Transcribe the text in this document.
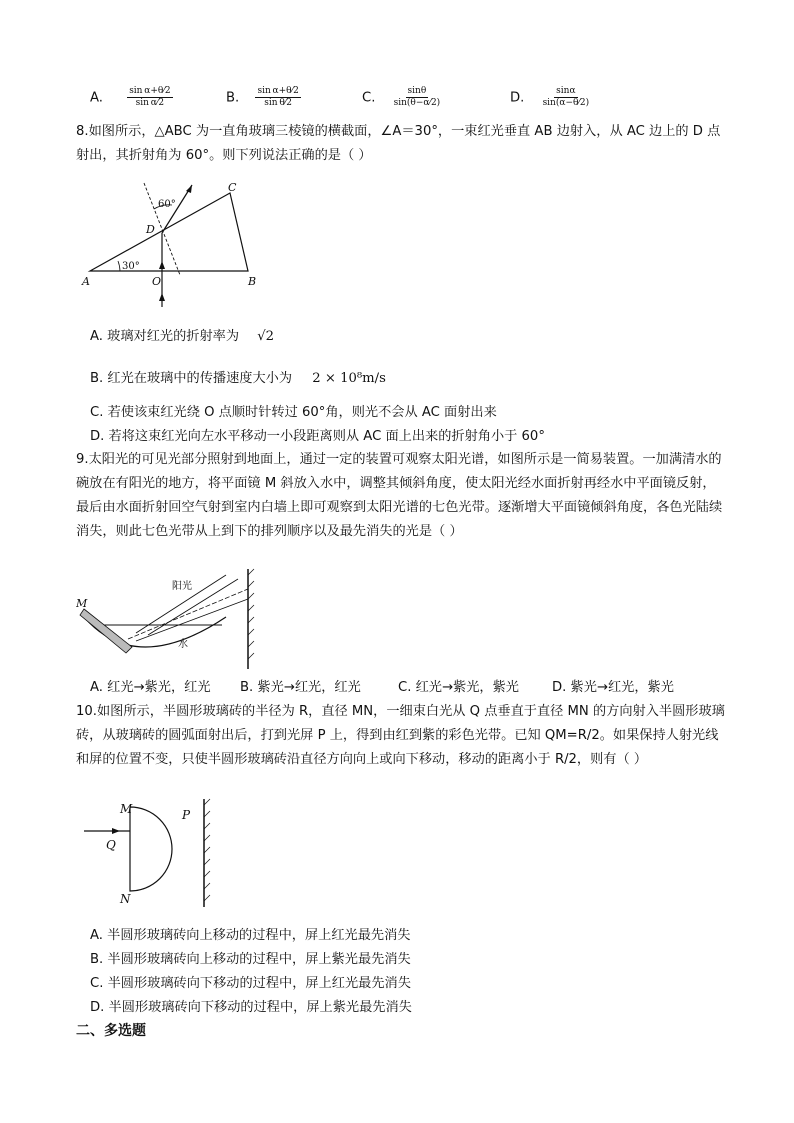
A.	$\frac{\text{sin α+θ⁄2}}{\text{sin α⁄2}}$	B. $\frac{\text{sin α+θ⁄2}}{\text{sin θ⁄2}}$	C. $\frac{\sin\theta}{\sin(\theta-\alpha⁄2)}$	D. $\frac{\sin\alpha}{\sin(\alpha-\theta⁄2)}$
8.如图所示，△ABC 为一直角玻璃三棱镜的横截面，∠A＝30°，一束红光垂直 AB 边射入，从 AC 边上的 D 点射出，其折射角为 60°。则下列说法正确的是（ ）
A	B
C
D
O
30°
60°
A. 玻璃对红光的折射率为 √2
B. 红光在玻璃中的传播速度大小为 2 × 10⁸m/s
C. 若使该束红光绕 O 点顺时针转过 60°角，则光不会从 AC 面射出来
D. 若将这束红光向左水平移动一小段距离则从 AC 面上出来的折射角小于 60°
9.太阳光的可见光部分照射到地面上，通过一定的装置可观察太阳光谱，如图所示是一简易装置。一加满清水的碗放在有阳光的地方，将平面镜 M 斜放入水中，调整其倾斜角度，使太阳光经水面折射再经水中平面镜反射，最后由水面折射回空气射到室内白墙上即可观察到太阳光谱的七色光带。逐渐增大平面镜倾斜角度，各色光陆续消失，则此七色光带从上到下的排列顺序以及最先消失的光是（ ）
M
阳光
水
A. 红光→紫光，红光 B. 紫光→红光，红光	C. 红光→紫光，紫光	D. 紫光→红光，紫光
10.如图所示，半圆形玻璃砖的半径为 R，直径 MN，一细束白光从 Q 点垂直于直径 MN 的方向射入半圆形玻璃砖，从玻璃砖的圆弧面射出后，打到光屏 P 上，得到由红到紫的彩色光带。已知 QM=R/2。如果保持人射光线和屏的位置不变，只使半圆形玻璃砖沿直径方向向上或向下移动，移动的距离小于 R/2，则有（ ）
M
N
Q
P
A. 半圆形玻璃砖向上移动的过程中，屏上红光最先消失
B. 半圆形玻璃砖向上移动的过程中，屏上紫光最先消失
C. 半圆形玻璃砖向下移动的过程中，屏上红光最先消失
D. 半圆形玻璃砖向下移动的过程中，屏上紫光最先消失
二、多选题
